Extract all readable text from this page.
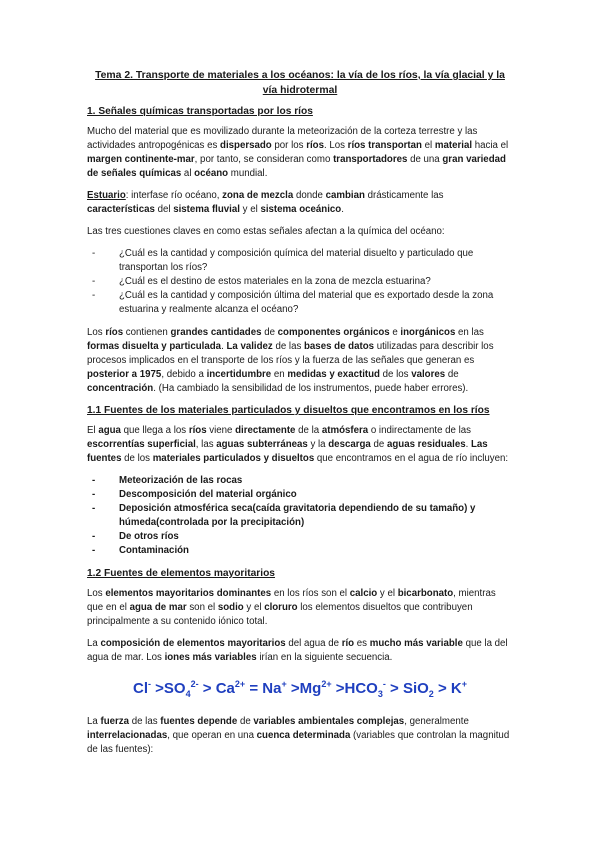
Tema 2. Transporte de materiales a los océanos: la vía de los ríos, la vía glacial y la vía hidrotermal
1. Señales químicas transportadas por los ríos

Mucho del material que es movilizado durante la meteorización de la corteza terrestre y las actividades antropogénicas es dispersado por los ríos. Los ríos transportan el material hacia el margen continente-mar, por tanto, se consideran como transportadores de una gran variedad de señales químicas al océano mundial.

Estuario: interfase río océano, zona de mezcla donde cambian drásticamente las características del sistema fluvial y el sistema oceánico.

Las tres cuestiones claves en como estas señales afectan a la química del océano:

- ¿Cuál es la cantidad y composición química del material disuelto y particulado que transportan los ríos?
- ¿Cuál es el destino de estos materiales en la zona de mezcla estuarina?
- ¿Cuál es la cantidad y composición última del material que es exportado desde la zona estuarina y realmente alcanza el océano?

Los ríos contienen grandes cantidades de componentes orgánicos e inorgánicos en las formas disuelta y particulada. La validez de las bases de datos utilizadas para describir los procesos implicados en el transporte de los ríos y la fuerza de las señales que generan es posterior a 1975, debido a incertidumbre en medidas y exactitud de los valores de concentración. (Ha cambiado la sensibilidad de los instrumentos, puede haber errores).

1.1 Fuentes de los materiales particulados y disueltos que encontramos en los ríos

El agua que llega a los ríos viene directamente de la atmósfera o indirectamente de las escorrentías superficial, las aguas subterráneas y la descarga de aguas residuales. Las fuentes de los materiales particulados y disueltos que encontramos en el agua de río incluyen:

- Meteorización de las rocas
- Descomposición del material orgánico
- Deposición atmosférica seca(caída gravitatoria dependiendo de su tamaño) y húmeda(controlada por la precipitación)
- De otros ríos
- Contaminación
1.2 Fuentes de elementos mayoritarios

Los elementos mayoritarios dominantes en los ríos son el calcio y el bicarbonato, mientras que en el agua de mar son el sodio y el cloruro los elementos disueltos que contribuyen principalmente a su contenido iónico total.

La composición de elementos mayoritarios del agua de río es mucho más variable que la del agua de mar. Los iones más variables irían en la siguiente secuencia.

$Cl^- >SO_4^{2-} > Ca^{2+} = Na^+ >Mg^{2+} >HCO_3^- > SiO_2 > K^+$

La fuerza de las fuentes depende de variables ambientales complejas, generalmente interrelacionadas, que operan en una cuenca determinada (variables que controlan la magnitud de las fuentes):
